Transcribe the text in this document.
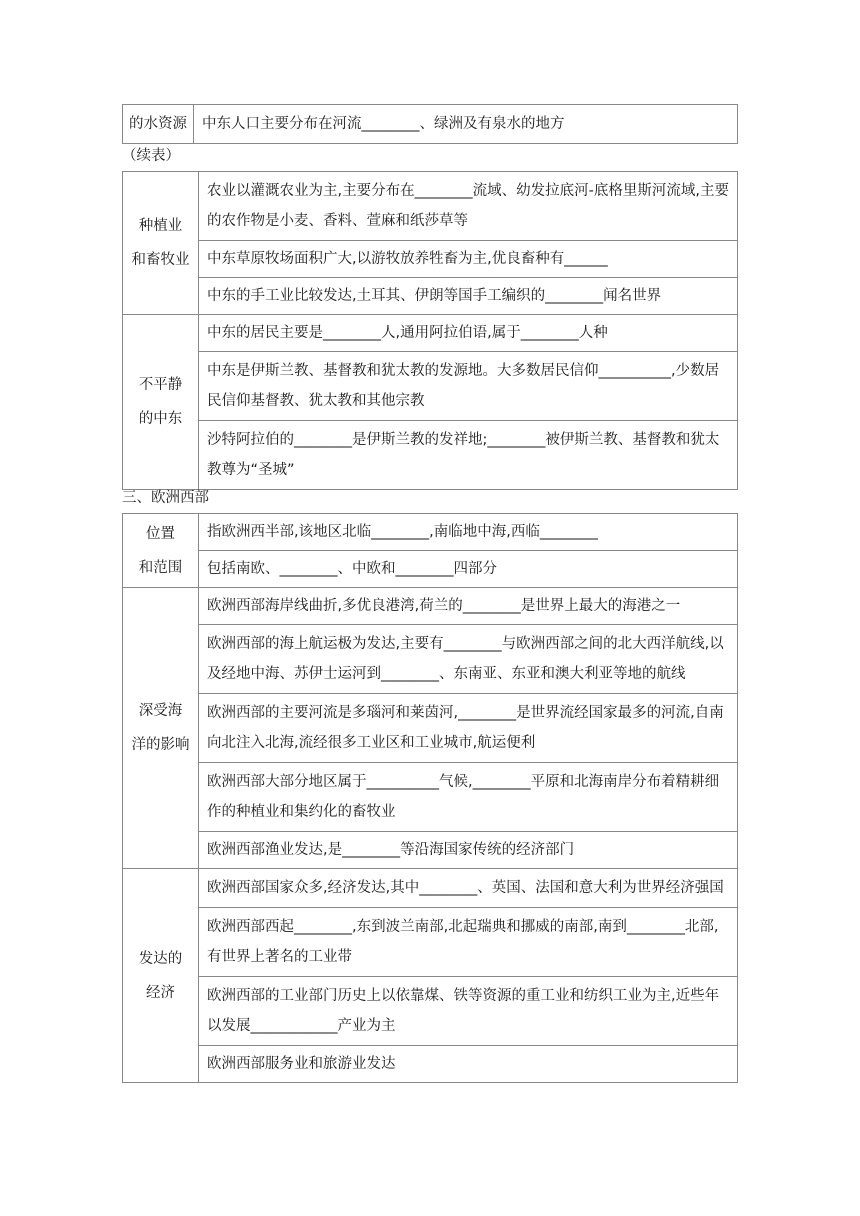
的水资源	中东人口主要分布在河流________、绿洲及有泉水的地方
（续表）
种植业
和畜牧业	农业以灌溉农业为主,主要分布在________流域、幼发拉底河-底格里斯河流域,主要的农作物是小麦、香料、萱麻和纸莎草等
	中东草原牧场面积广大,以游牧放养牲畜为主,优良畜种有______
	中东的手工业比较发达,土耳其、伊朗等国手工编织的________闻名世界

不平静
的中东	中东的居民主要是________人,通用阿拉伯语,属于________人种
	中东是伊斯兰教、基督教和犹太教的发源地。大多数居民信仰__________,少数居民信仰基督教、犹太教和其他宗教
	沙特阿拉伯的________是伊斯兰教的发祥地;________被伊斯兰教、基督教和犹太教尊为“圣城”
三、欧洲西部
位置
和范围	指欧洲西半部,该地区北临________,南临地中海,西临________
	包括南欧、________、中欧和________四部分

深受海
洋的影响	欧洲西部海岸线曲折,多优良港湾,荷兰的________是世界上最大的海港之一
	欧洲西部的海上航运极为发达,主要有________与欧洲西部之间的北大西洋航线,以及经地中海、苏伊士运河到________、东南亚、东亚和澳大利亚等地的航线
	欧洲西部的主要河流是多瑙河和莱茵河,________是世界流经国家最多的河流,自南向北注入北海,流经很多工业区和工业城市,航运便利
	欧洲西部大部分地区属于__________气候,________平原和北海南岸分布着精耕细作的种植业和集约化的畜牧业
	欧洲西部渔业发达,是________等沿海国家传统的经济部门

发达的
经济	欧洲西部国家众多,经济发达,其中________、英国、法国和意大利为世界经济强国
	欧洲西部西起________,东到波兰南部,北起瑞典和挪威的南部,南到________北部,有世界上著名的工业带
	欧洲西部的工业部门历史上以依靠煤、铁等资源的重工业和纺织工业为主,近些年以发展____________产业为主
	欧洲西部服务业和旅游业发达
